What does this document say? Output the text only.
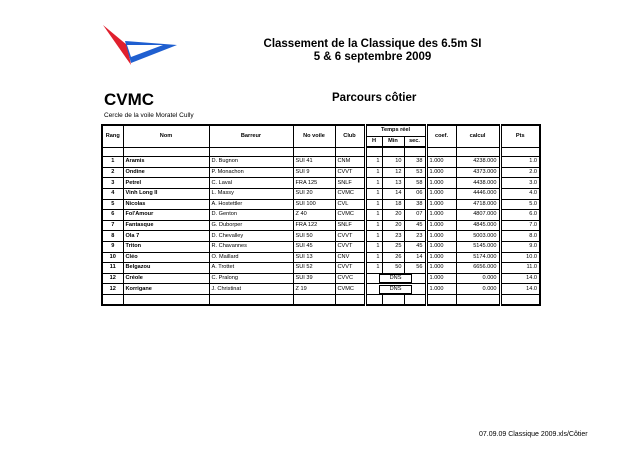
Classement de la Classique des 6.5m SI
5 & 6 septembre 2009
CVMC	Parcours côtier
Cercle de la voile Moratel Cully
Rang	Nom	Barreur	No voile	Club	Temps réel			coef.	calcul	Pts
					H	Min	sec.			

1	Aramis	D. Bugnon	SUI 41	CNM	1	10	38	1.000	4238.000	1.0
2	Ondine	P. Monachon	SUI 9	CVVT	1	12	53	1.000	4373.000	2.0
3	Petrel	C. Laval	FRA 125	SNLF	1	13	58	1.000	4438.000	3.0
4	Vinh Long II	L. Massy	SUI 20	CVMC	1	14	06	1.000	4446.000	4.0
5	Nicolas	A. Hostettler	SUI 100	CVL	1	18	38	1.000	4718.000	5.0
6	Fol'Amour	D. Genton	Z 40	CVMC	1	20	07	1.000	4807.000	6.0
7	Fantasque	G. Duborper	FRA 122	SNLF	1	20	45	1.000	4845.000	7.0
8	Ola 7	D. Chevalley	SUI 50	CVVT	1	23	23	1.000	5003.000	8.0
9	Triton	R. Chavannes	SUI 45	CVVT	1	25	45	1.000	5145.000	9.0
10	Cléo	O. Maillard	SUI 13	CNV	1	26	14	1.000	5174.000	10.0
11	Belgazou	A. Trottet	SUI 52	CVVT	1	50	56	1.000	6656.000	11.0
12	Créole	C. Pralong	SUI 39	CVVC	DNS			1.000	0.000	14.0
12	Korrigane	J. Christinat	Z 19	CVMC	DNS			1.000	0.000	14.0

07.09.09 Classique 2009.xls/Côtier
